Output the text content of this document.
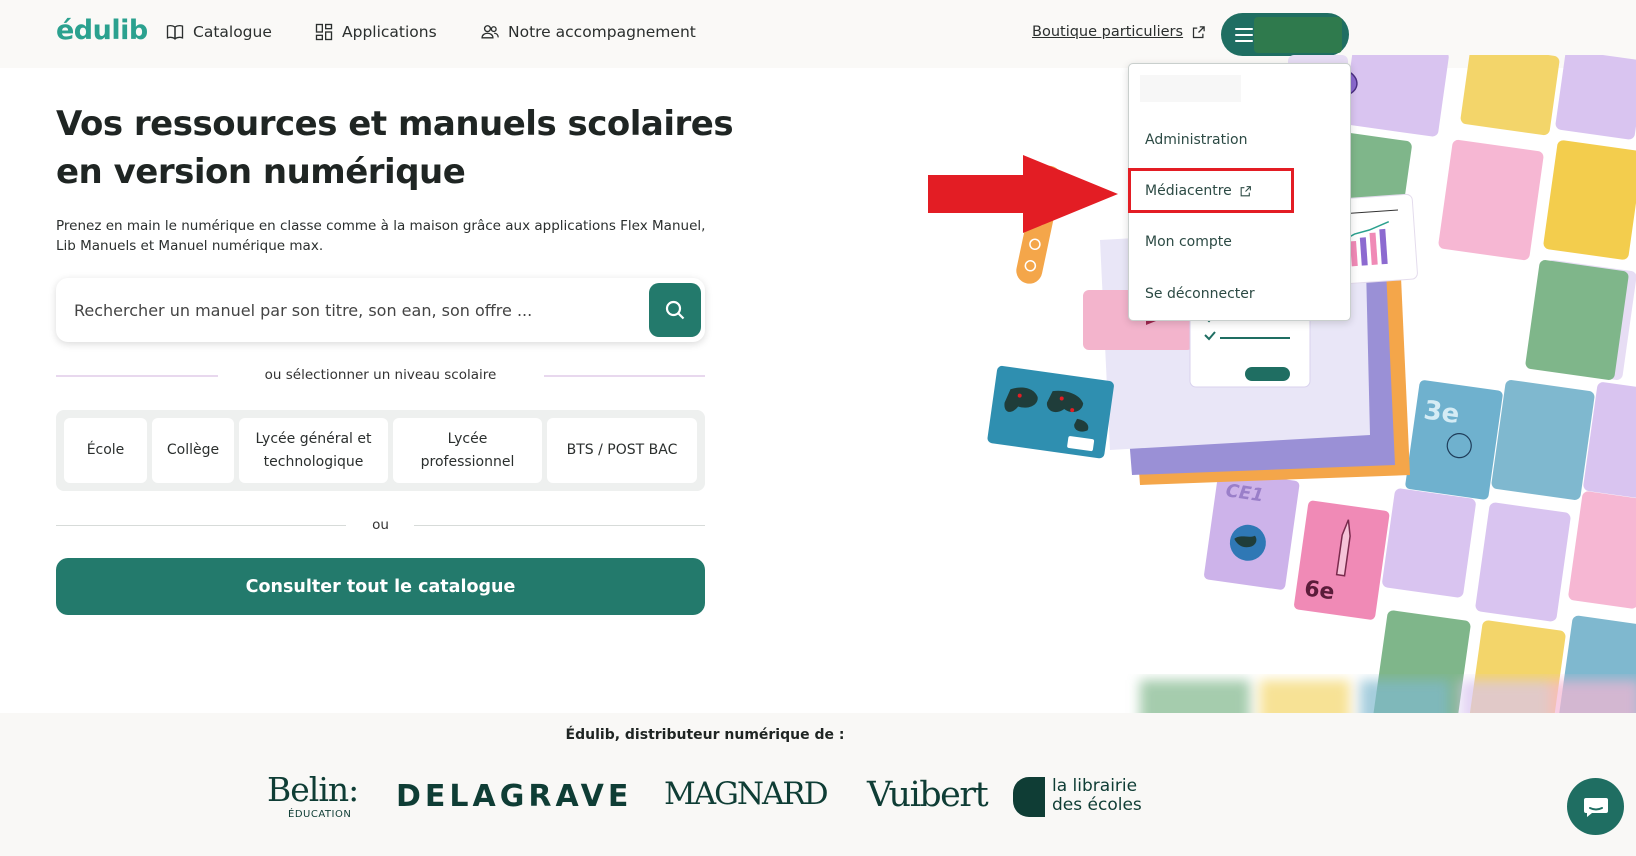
édulib	Catalogue	Applications	Notre accompagnement	Boutique particuliers
CE1
6e
3e
Administration
Médiacentre
Mon compte
Se déconnecter
Vos ressources et manuels scolaires
en version numérique

Prenez en main le numérique en classe comme à la maison grâce aux applications Flex Manuel,
Lib Manuels et Manuel numérique max.

Rechercher un manuel par son titre, son ean, son offre ...
ou sélectionner un niveau scolaire
École	Collège
Lycée général et
technologique
Lycée
professionnel
BTS / POST BAC
ou
Consulter tout le catalogue
Édulib, distributeur numérique de :
Belin:
ÉDUCATION
DELAGRAVE MAGNARD Vuibert	la librairie
des écoles
